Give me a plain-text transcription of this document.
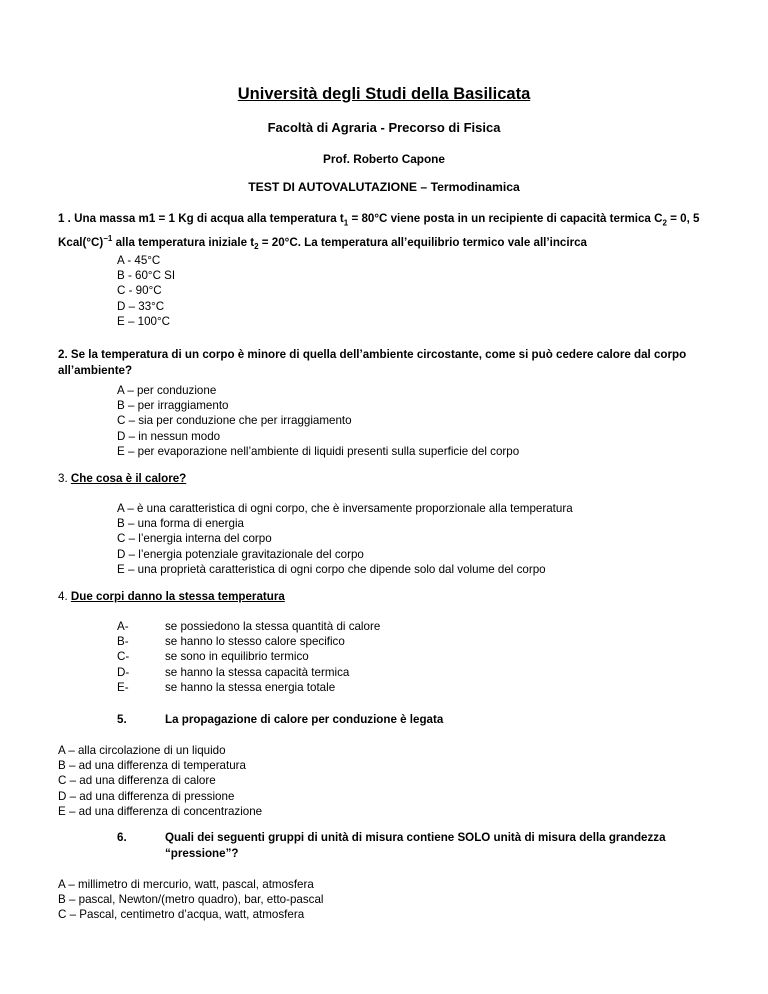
Università degli Studi della Basilicata
Facoltà di Agraria - Precorso di Fisica
Prof. Roberto Capone
TEST DI AUTOVALUTAZIONE – Termodinamica
1 . Una massa m1 = 1 Kg di acqua alla temperatura $t_1 = 80^\circ C$ viene posta in un recipiente di capacità termica $C_2 = 0$, 5
$Kcal(^\circ C)^{-1}$ alla temperatura iniziale $t_2 = 20^\circ C$. La temperatura all’equilibrio termico vale all’incirca
A - 45°C
B - 60°C SI
C - 90°C
D – 33°C
E – 100°C
2. Se la temperatura di un corpo è minore di quella dell’ambiente circostante, come si può cedere calore dal corpo all’ambiente?
A – per conduzione
B – per irraggiamento
C – sia per conduzione che per irraggiamento
D – in nessun modo
E – per evaporazione nell’ambiente di liquidi presenti sulla superficie del corpo
3. Che cosa è il calore?
A – è una caratteristica di ogni corpo, che è inversamente proporzionale alla temperatura
B – una forma di energia
C – l’energia interna del corpo
D – l’energia potenziale gravitazionale del corpo
E – una proprietà caratteristica di ogni corpo che dipende solo dal volume del corpo
4. Due corpi danno la stessa temperatura
A-	se possiedono la stessa quantità di calore
B-	se hanno lo stesso calore specifico
C-	se sono in equilibrio termico
D-	se hanno la stessa capacità termica
E-	se hanno la stessa energia totale
5.	La propagazione di calore per conduzione è legata
A – alla circolazione di un liquido
B – ad una differenza di temperatura
C – ad una differenza di calore
D – ad una differenza di pressione
E – ad una differenza di concentrazione
6.	Quali dei seguenti gruppi di unità di misura contiene SOLO unità di misura della grandezza
“pressione”?
A – millimetro di mercurio, watt, pascal, atmosfera
B – pascal, Newton/(metro quadro), bar, etto-pascal
C – Pascal, centimetro d’acqua, watt, atmosfera
